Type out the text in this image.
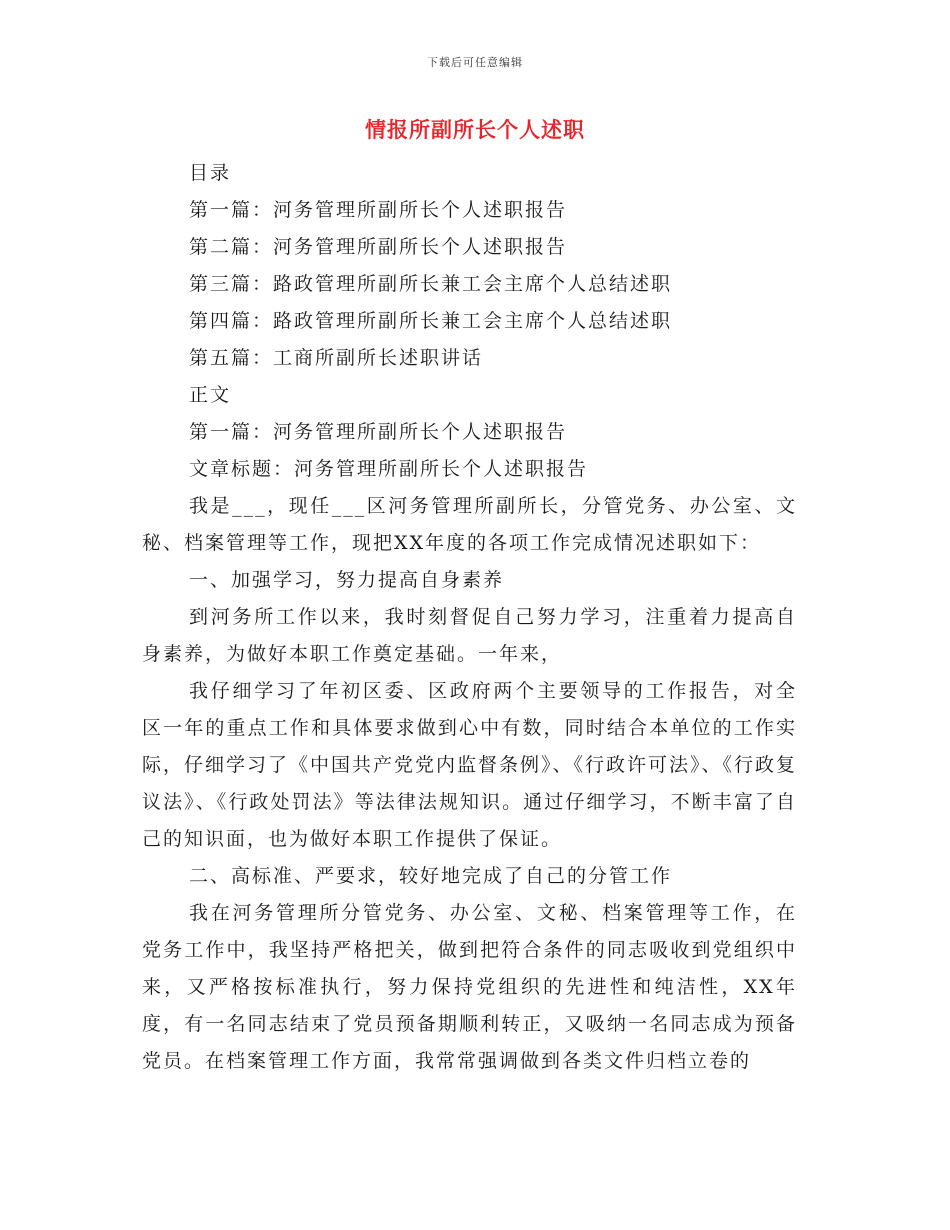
下载后可任意编辑
情报所副所长个人述职
目录
第一篇：河务管理所副所长个人述职报告
第二篇：河务管理所副所长个人述职报告
第三篇：路政管理所副所长兼工会主席个人总结述职
第四篇：路政管理所副所长兼工会主席个人总结述职
第五篇：工商所副所长述职讲话
正文
第一篇：河务管理所副所长个人述职报告
文章标题：河务管理所副所长个人述职报告
我是___，现任___区河务管理所副所长，分管党务、办公室、文秘、档案管理等工作，现把XX年度的各项工作完成情况述职如下：
一、加强学习，努力提高自身素养
到河务所工作以来，我时刻督促自己努力学习，注重着力提高自身素养，为做好本职工作奠定基础。一年来，
我仔细学习了年初区委、区政府两个主要领导的工作报告，对全区一年的重点工作和具体要求做到心中有数，同时结合本单位的工作实际，仔细学习了《中国共产党党内监督条例》、《行政许可法》、《行政复议法》、《行政处罚法》等法律法规知识。通过仔细学习，不断丰富了自己的知识面，也为做好本职工作提供了保证。
二、高标准、严要求，较好地完成了自己的分管工作
我在河务管理所分管党务、办公室、文秘、档案管理等工作，在党务工作中，我坚持严格把关，做到把符合条件的同志吸收到党组织中来，又严格按标准执行，努力保持党组织的先进性和纯洁性，XX年度，有一名同志结束了党员预备期顺利转正，又吸纳一名同志成为预备党员。在档案管理工作方面，我常常强调做到各类文件归档立卷的
